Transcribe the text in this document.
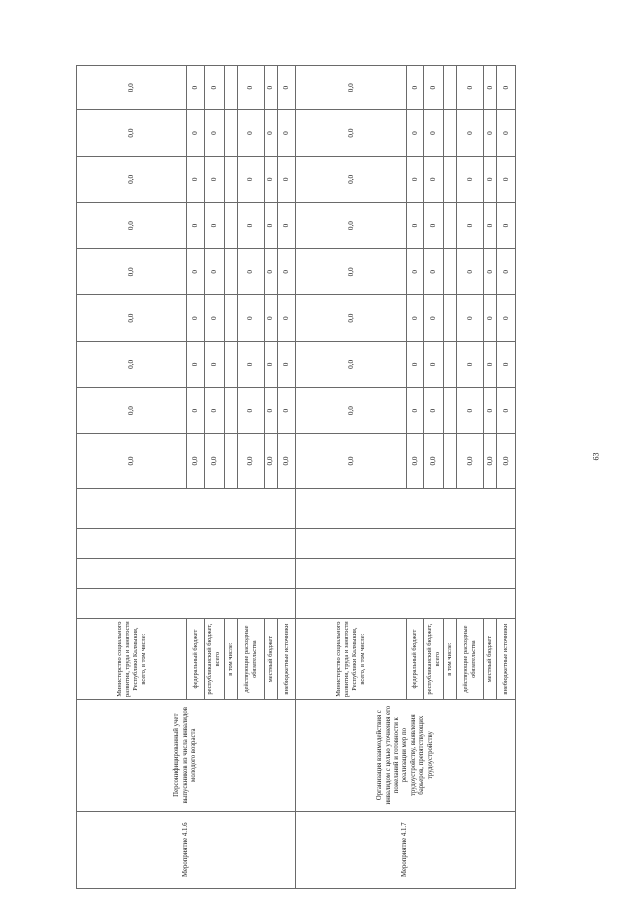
Мероприятие 4.1.6	Персонифицированный учет выпускников из числа инвалидов молодого возраста	Министерство социального развития, труда и занятости Республики Калмыкия, всего, в том числе:					0,0	0,0	0,0	0,0	0,0	0,0	0,0	0,0	0,0
		федеральный бюджет					0,0	0	0	0	0	0	0	0	0
		республиканский бюджет, всего					0,0	0	0	0	0	0	0	0	0
		в том числе:													
		действующие расходные обязательства					0,0	0	0	0	0	0	0	0	0
		местный бюджет					0,0	0	0	0	0	0	0	0	0
		внебюджетные источники					0,0	0	0	0	0	0	0	0	0
Мероприятие 4.1.7	Организация взаимодействия с инвалидом с целью уточнения его пожеланий и готовности к реализации мер по трудоустройству, выявления барьеров, препятствующих трудоустройству	Министерство социального развития, труда и занятости Республики Калмыкия, всего, в том числе:					0,0	0,0	0,0	0,0	0,0	0,0	0,0	0,0	0,0
		федеральный бюджет					0,0	0	0	0	0	0	0	0	0
		республиканский бюджет, всего					0,0	0	0	0	0	0	0	0	0
		в том числе:													
		действующие расходные обязательства					0,0	0	0	0	0	0	0	0	0
		местный бюджет					0,0	0	0	0	0	0	0	0	0
		внебюджетные источники					0,0	0	0	0	0	0	0	0	0
63
